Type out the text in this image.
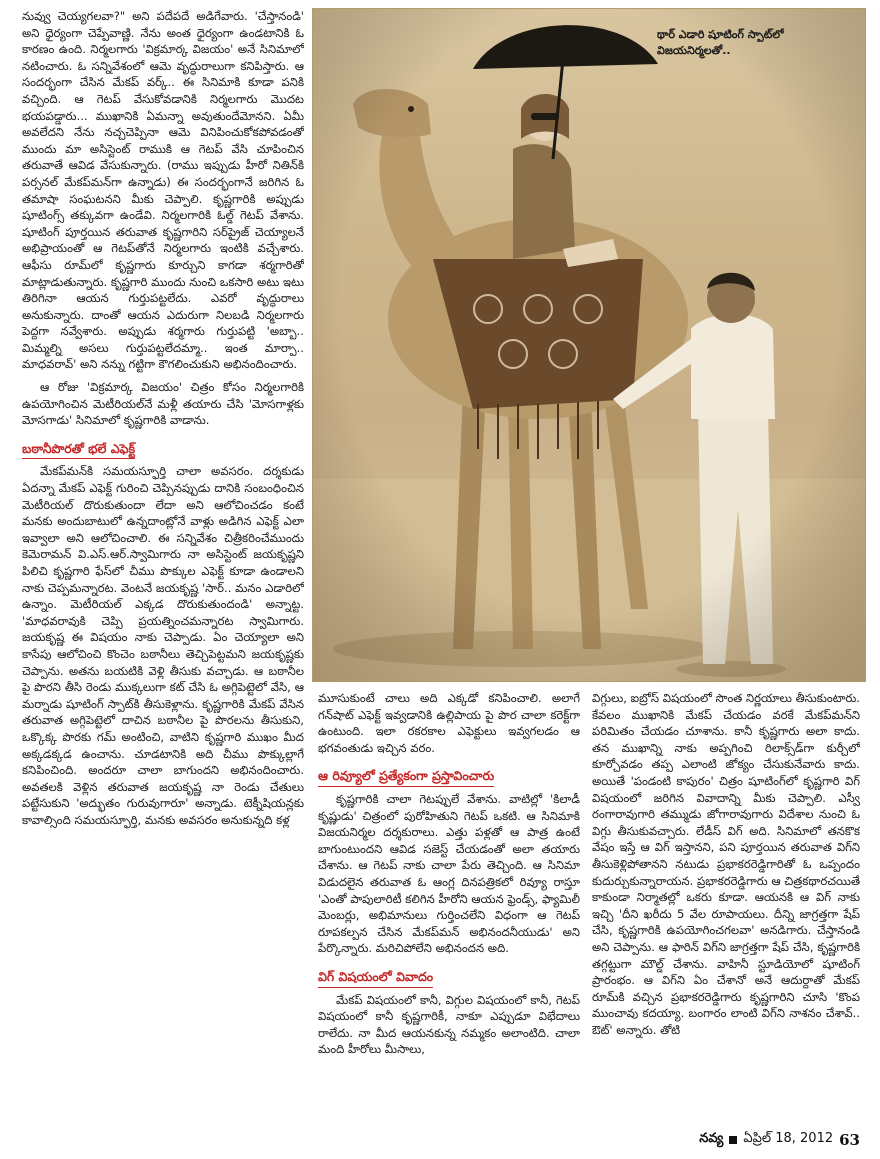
నువ్వు చెయ్యగలవా?" అని పదేపదే అడిగేవారు. 'చేస్తానండి' అని ధైర్యంగా చెప్పేవాణ్ణి. నేను అంత ధైర్యంగా ఉండటానికి ఓ కారణం ఉంది. నిర్మలగారు 'విక్రమార్క విజయం' అనే సినిమాలో నటించారు. ఓ సన్నివేశంలో ఆమె వృద్ధురాలుగా కనిపిస్తారు. ఆ సందర్భంగా చేసిన మేకప్ వర్క్.. ఈ సినిమాకి కూడా పనికి వచ్చింది. ఆ గెటప్ వేసుకోవడానికి నిర్మలగారు మొదట భయపడ్డారు... ముఖానికి ఏమన్నా అవుతుందేమోనని. ఏమీ అవలేదని నేను నచ్చచెప్పినా ఆమె వినిపించుకోకపోవడంతో ముందు మా అసిస్టెంట్ రాముకి ఆ గెటప్ వేసి చూపించిన తరువాతే ఆవిడ వేసుకున్నారు. (రాము ఇప్పుడు హీరో నితిన్‌కి పర్సనల్ మేకప్‌మన్‌గా ఉన్నాడు) ఈ సందర్భంగానే జరిగిన ఓ తమాషా సంఘటనని మీకు చెప్పాలి. కృష్ణగారికి అప్పుడు షూటింగ్స్ తక్కువగా ఉండేవి. నిర్మలగారికి ఓల్డ్ గెటప్ వేశాను. షూటింగ్ పూర్తయిన తరువాత కృష్ణగారిని సర్‌ప్రైజ్ చెయ్యాలనే అభిప్రాయంతో ఆ గెటప్‌తోనే నిర్మలగారు ఇంటికి వచ్చేశారు. ఆఫీసు రూమ్‌లో కృష్ణగారు కూర్చుని కాగడా శర్మగారితో మాట్లాడుతున్నారు. కృష్ణగారి ముందు నుంచి ఒకసారి అటు ఇటు తిరిగినా ఆయన గుర్తుపట్టలేదు. ఎవరో వృద్ధురాలు అనుకున్నారు. దాంతో ఆయన ఎదురుగా నిలబడి నిర్మలగారు పెద్దగా నవ్వేశారు. అప్పుడు శర్మగారు గుర్తుపట్టి 'అబ్బా.. మిమ్మల్ని అసలు గుర్తుపట్టలేదమ్మా.. ఇంత మార్పా.. మాధవరావ్' అని నన్ను గట్టిగా కౌగలించుకుని అభినందించారు.

ఆ రోజు 'విక్రమార్క విజయం' చిత్రం కోసం నిర్మలగారికి ఉపయోగించిన మెటీరియల్‌నే మళ్లీ తయారు చేసి 'మోసగాళ్లకు మోసగాడు' సినిమాలో కృష్ణగారికి వాడాను.

బఠానీపొరతో భలే ఎఫెక్ట్

మేకప్‌మన్‌కి సమయస్ఫూర్తి చాలా అవసరం. దర్శకుడు ఏదన్నా మేకప్ ఎఫెక్ట్ గురించి చెప్పినప్పుడు దానికి సంబంధించిన మెటీరియల్ దొరుకుతుందా లేదా అని ఆలోచించడం కంటే మనకు అందుబాటులో ఉన్నదాంట్లోనే వాళ్లు అడిగిన ఎఫెక్ట్ ఎలా ఇవ్వాలా అని ఆలోచించాలి. ఈ సన్నివేశం చిత్రీకరించేముందు కెమెరామన్ వి.ఎస్.ఆర్.స్వామిగారు నా అసిస్టెంట్ జయకృష్ణని పిలిచి కృష్ణగారి ఫేస్‌లో చీము పొక్కుల ఎఫెక్ట్ కూడా ఉండాలని నాకు చెప్పమన్నారట. వెంటనే జయకృష్ణ 'సార్.. మనం ఎడారిలో ఉన్నాం. మెటీరియల్ ఎక్కడ దొరుకుతుందండి' అన్నాట్ట. 'మాధవరావుకి చెప్పి ప్రయత్నించమన్నారట స్వామిగారు. జయకృష్ణ ఈ విషయం నాకు చెప్పాడు. ఏం చెయ్యాలా అని కాసేపు ఆలోచించి కొంచెం బఠానీలు తెచ్చిపెట్టమని జయకృష్ణకు చెప్పాను. అతను బయటికి వెళ్లి తీసుకు వచ్చాడు. ఆ బఠానీల పై పొరని తీసి రెండు ముక్కలుగా కట్ చేసి ఓ అగ్గిపెట్టెలో వేసి, ఆ మర్నాడు షూటింగ్ స్పాట్‌కి తీసుకెళ్లాను. కృష్ణగారికి మేకప్ వేసిన తరువాత అగ్గిపెట్టెలో దాచిన బఠానీల పై పొరలను తీసుకుని, ఒక్కొక్క పొరకు గమ్ అంటించి, వాటిని కృష్ణగారి ముఖం మీద అక్కడక్కడ ఉంచాను. చూడటానికి అది చీము పొక్కుల్లాగే కనిపించింది. అందరూ చాలా బాగుందని అభినందించారు. అవతలకి వెళ్లిన తరువాత జయకృష్ణ నా రెండు చేతులు పట్టేసుకుని 'అద్భుతం గురువుగారూ' అన్నాడు. టెక్నీషియన్లకు కావాల్సింది సమయస్ఫూర్తి, మనకు అవసరం అనుకున్నది కళ్ల

థార్ ఎడారి షూటింగ్ స్పాట్‌లో విజయనిర్మలతో..

మూసుకుంటే చాలు అది ఎక్కడో కనిపించాలి. అలాగే గన్‌షాట్ ఎఫెక్ట్ ఇవ్వడానికి ఉల్లిపాయ పై పొర చాలా కరెక్ట్‌గా ఉంటుంది. ఇలా రకరకాల ఎఫెక్టులు ఇవ్వగలడం ఆ భగవంతుడు ఇచ్చిన వరం.

ఆ రివ్యూలో ప్రత్యేకంగా ప్రస్తావించారు

కృష్ణగారికి చాలా గెటప్పులే వేశాను. వాటిల్లో 'కిలాడీ కృష్ణుడు' చిత్రంలో పురోహితుని గెటప్ ఒకటి. ఆ సినిమాకి విజయనిర్మల దర్శకురాలు. ఎత్తు పళ్లతో ఆ పాత్ర ఉంటే బాగుంటుందని ఆవిడ సజెస్ట్ చేయడంతో అలా తయారు చేశాను. ఆ గెటప్ నాకు చాలా పేరు తెచ్చింది. ఆ సినిమా విడుదలైన తరువాత ఓ ఆంగ్ల దినపత్రికలో రివ్యూ రాస్తూ 'ఎంతో పాపులారిటీ కలిగిన హీరోని ఆయన ఫ్రెండ్స్, ఫ్యామిలీ మెంబర్లు, అభిమానులు గుర్తించలేని విధంగా ఆ గెటప్ రూపకల్పన చేసిన మేకప్‌మన్ అభినందనీయుడు' అని పేర్కొన్నారు. మరిచిపోలేని అభినందన అది.

విగ్ విషయంలో వివాదం

మేకప్ విషయంలో కానీ, విగ్గుల విషయంలో కానీ, గెటప్ విషయంలో కానీ కృష్ణగారికీ, నాకూ ఎప్పుడూ విభేదాలు రాలేదు. నా మీద ఆయనకున్న నమ్మకం అలాంటిది. చాలా మంది హీరోలు మీసాలు,

విగ్గులు, ఐబ్రోస్ విషయంలో సొంత నిర్ణయాలు తీసుకుంటారు. కేవలం ముఖానికి మేకప్ చేయడం వరకే మేకప్‌మన్‌ని పరిమితం చేయడం చూశాను. కానీ కృష్ణగారు అలా కాదు. తన ముఖాన్ని నాకు అప్పగించి రిలాక్స్‌డ్‌గా కుర్చీలో కూర్చోవడం తప్ప ఎలాంటి జోక్యం చేసుకునేవారు కాదు. అయితే 'పండంటి కాపురం' చిత్రం షూటింగ్‌లో కృష్ణగారి విగ్ విషయంలో జరిగిన వివాదాన్ని మీకు చెప్పాలి. ఎస్వీ రంగారావుగారి తమ్ముడు జోగారావుగారు విదేశాల నుంచి ఓ విగ్గు తీసుకువచ్చారు. లేడీస్ విగ్ అది. సినిమాలో తనకొక వేషం ఇస్తే ఆ విగ్ ఇస్తానని, పని పూర్తయిన తరువాత విగ్‌ని తీసుకెళ్లిపోతానని నటుడు ప్రభాకరరెడ్డిగారితో ఓ ఒప్పందం కుదుర్చుకున్నారాయన. ప్రభాకరరెడ్డిగారు ఆ చిత్రకథారచయితే కాకుండా నిర్మాతల్లో ఒకరు కూడా. ఆయనకి ఆ విగ్ నాకు ఇచ్చి 'దీని ఖరీదు 5 వేల రూపాయలు. దీన్ని జాగ్రత్తగా షేప్ చేసి, కృష్ణగారికి ఉపయోగించగలవా' అనడిగారు. చేస్తానండి అని చెప్పాను. ఆ ఫారిన్ విగ్‌ని జాగ్రత్తగా షేప్ చేసి, కృష్ణగారికి తగ్గట్టుగా మౌల్డ్ చేశాను. వాహినీ స్టూడియోలో షూటింగ్ ప్రారంభం. ఆ విగ్‌ని ఏం చేశానో అనే ఆదుర్దాతో మేకప్ రూమ్‌కి వచ్చిన ప్రభాకరరెడ్డిగారు కృష్ణగారిని చూసి 'కొంప ముంచావు కదయ్యా. బంగారం లాంటి విగ్‌ని నాశనం చేశావ్.. ఔట్' అన్నారు. తోటి

నవ్య ఏప్రిల్ 18, 2012 63
